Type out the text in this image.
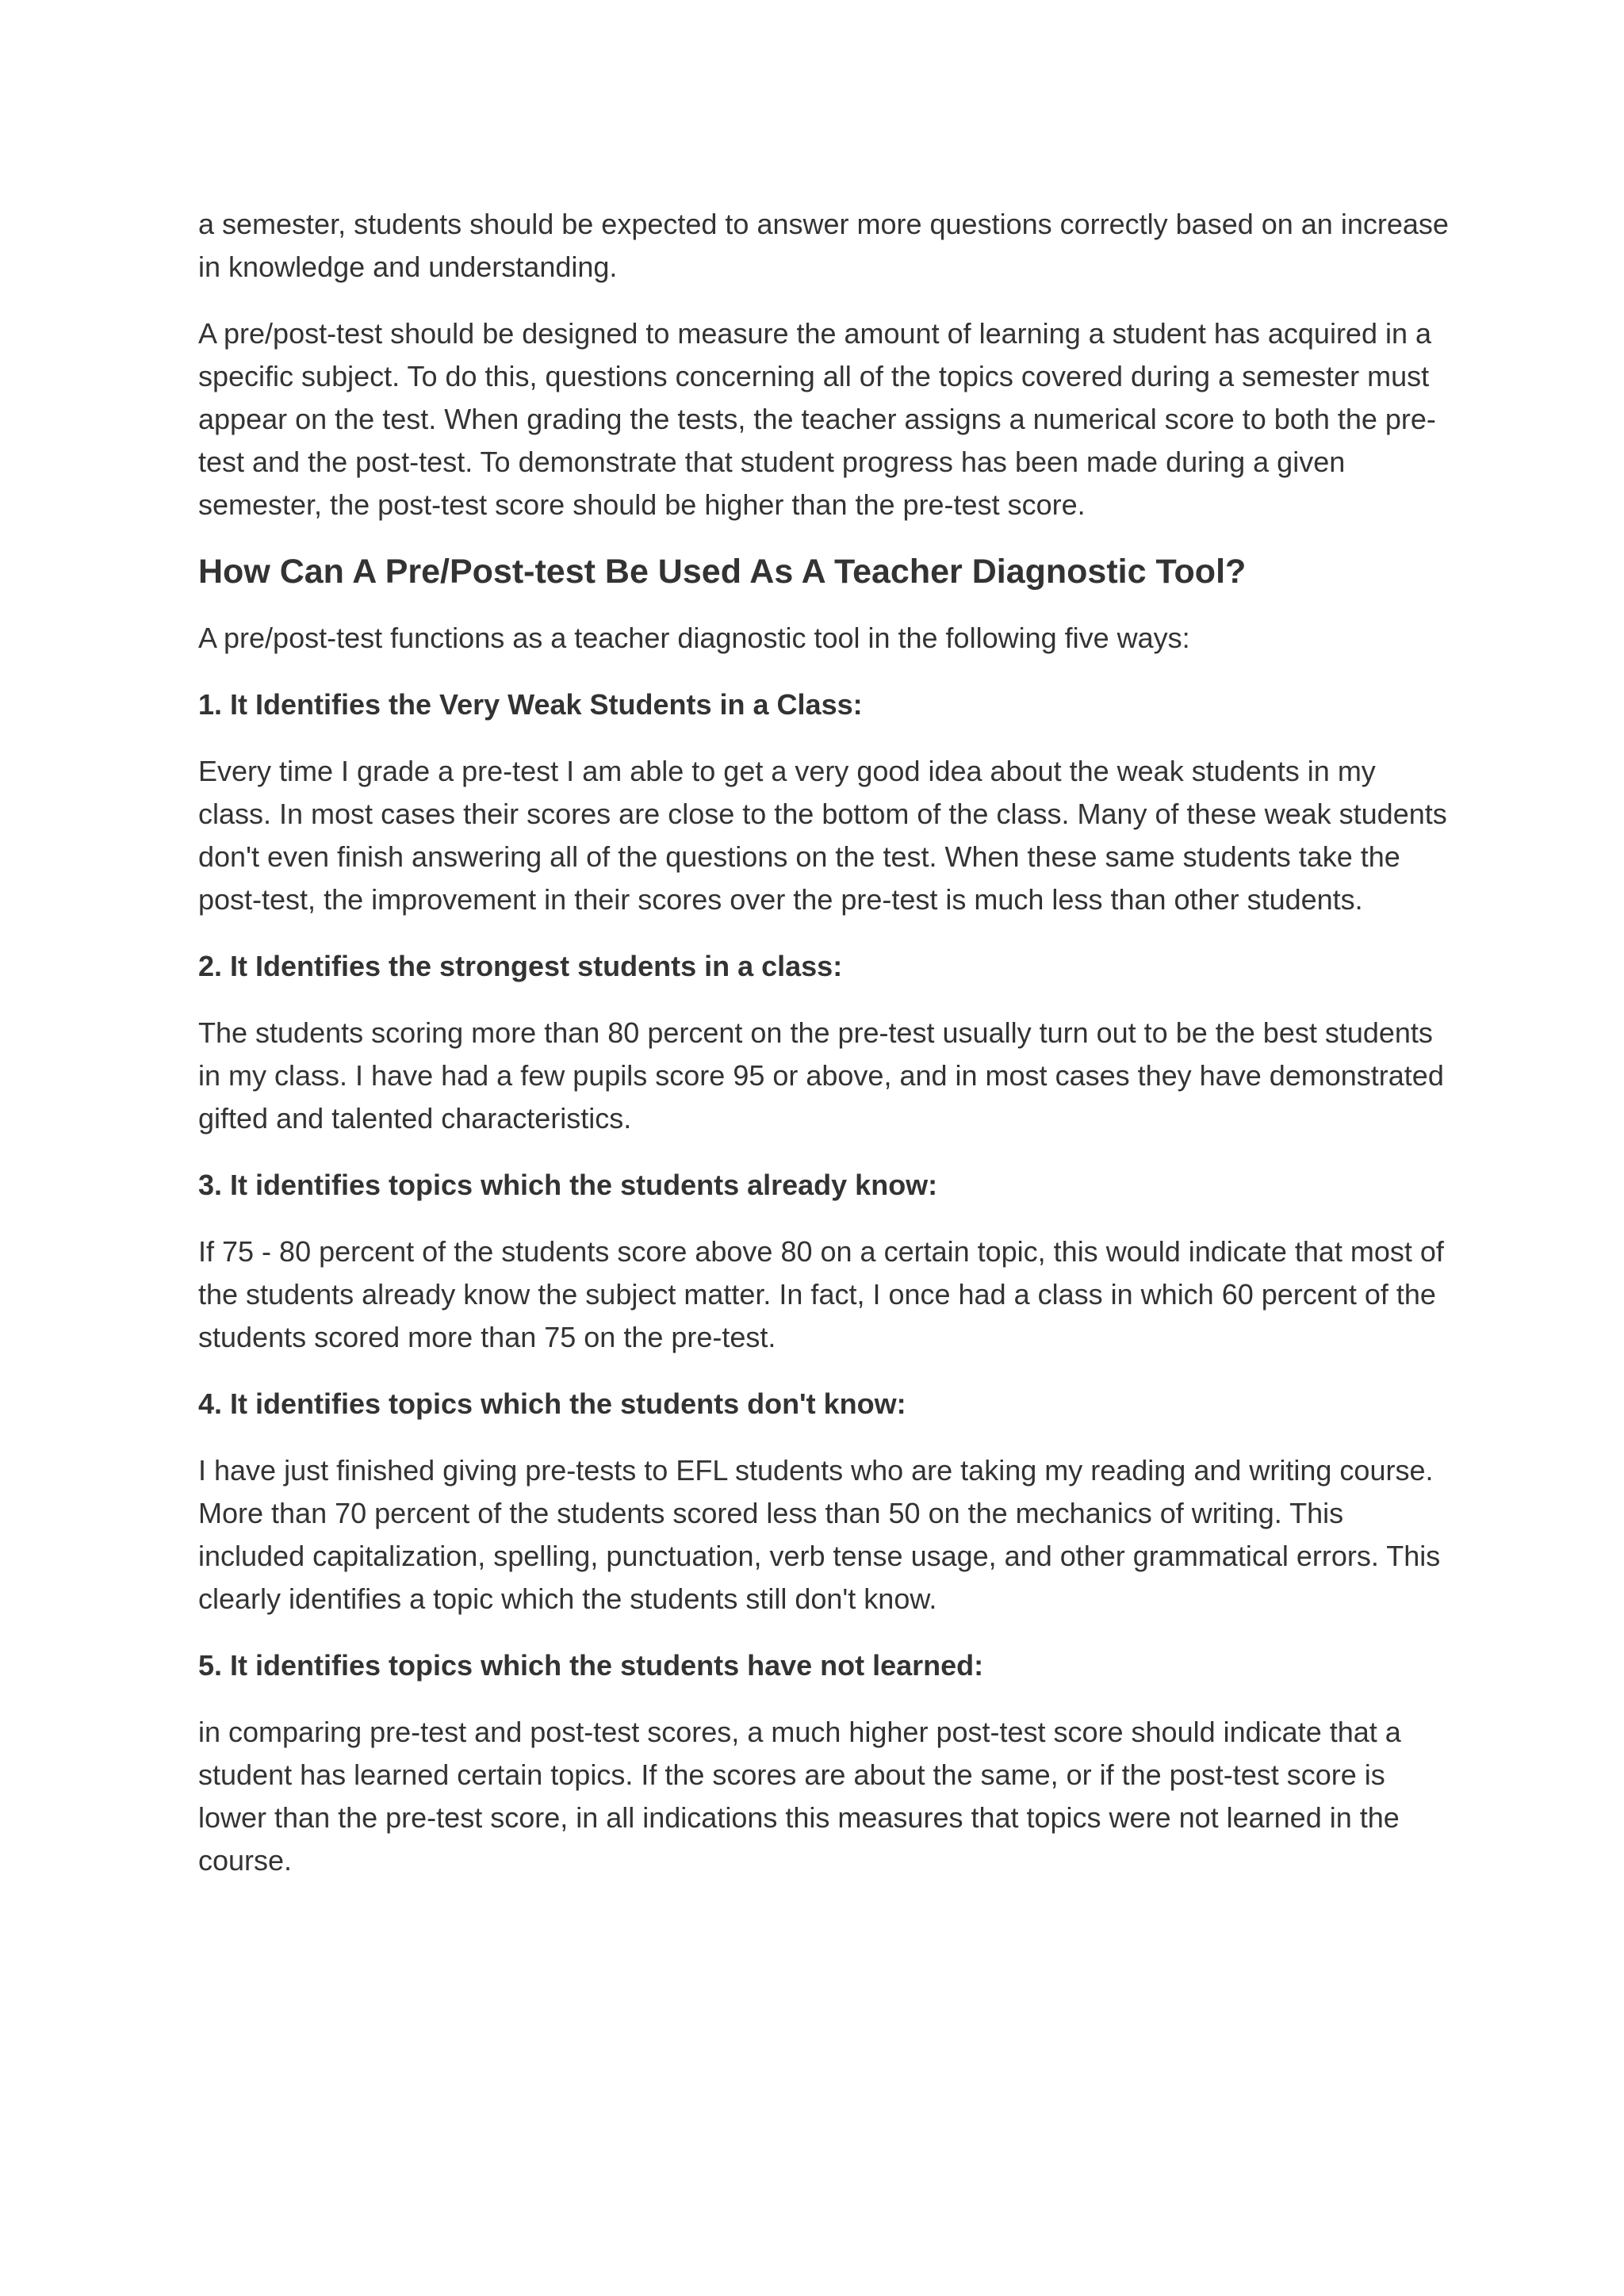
a semester, students should be expected to answer more questions correctly based on an increase in knowledge and understanding.

A pre/post-test should be designed to measure the amount of learning a student has acquired in a specific subject. To do this, questions concerning all of the topics covered during a semester must appear on the test. When grading the tests, the teacher assigns a numerical score to both the pre-test and the post-test. To demonstrate that student progress has been made during a given semester, the post-test score should be higher than the pre-test score.

How Can A Pre/Post-test Be Used As A Teacher Diagnostic Tool?

A pre/post-test functions as a teacher diagnostic tool in the following five ways:

1. It Identifies the Very Weak Students in a Class:

Every time I grade a pre-test I am able to get a very good idea about the weak students in my class. In most cases their scores are close to the bottom of the class. Many of these weak students don't even finish answering all of the questions on the test. When these same students take the post-test, the improvement in their scores over the pre-test is much less than other students.

2. It Identifies the strongest students in a class:

The students scoring more than 80 percent on the pre-test usually turn out to be the best students in my class. I have had a few pupils score 95 or above, and in most cases they have demonstrated gifted and talented characteristics.

3. It identifies topics which the students already know:

If 75 - 80 percent of the students score above 80 on a certain topic, this would indicate that most of the students already know the subject matter. In fact, I once had a class in which 60 percent of the students scored more than 75 on the pre-test.

4. It identifies topics which the students don't know:

I have just finished giving pre-tests to EFL students who are taking my reading and writing course. More than 70 percent of the students scored less than 50 on the mechanics of writing. This included capitalization, spelling, punctuation, verb tense usage, and other grammatical errors. This clearly identifies a topic which the students still don't know.

5. It identifies topics which the students have not learned:

in comparing pre-test and post-test scores, a much higher post-test score should indicate that a student has learned certain topics. If the scores are about the same, or if the post-test score is lower than the pre-test score, in all indications this measures that topics were not learned in the course.
